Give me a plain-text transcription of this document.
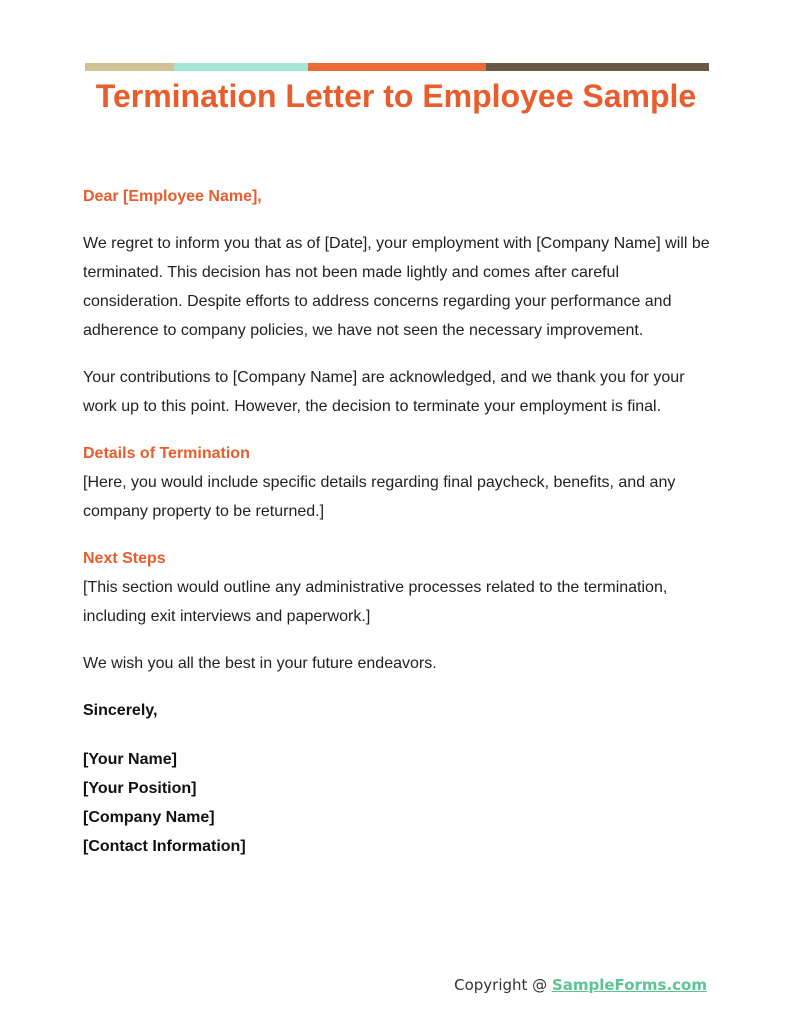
Termination Letter to Employee Sample

Dear [Employee Name],

We regret to inform you that as of [Date], your employment with [Company Name] will be terminated. This decision has not been made lightly and comes after careful consideration. Despite efforts to address concerns regarding your performance and adherence to company policies, we have not seen the necessary improvement.

Your contributions to [Company Name] are acknowledged, and we thank you for your work up to this point. However, the decision to terminate your employment is final.

Details of Termination

[Here, you would include specific details regarding final paycheck, benefits, and any company property to be returned.]

Next Steps

[This section would outline any administrative processes related to the termination, including exit interviews and paperwork.]

We wish you all the best in your future endeavors.

Sincerely,

[Your Name]
[Your Position]
[Company Name]
[Contact Information]
Copyright @ SampleForms.com
